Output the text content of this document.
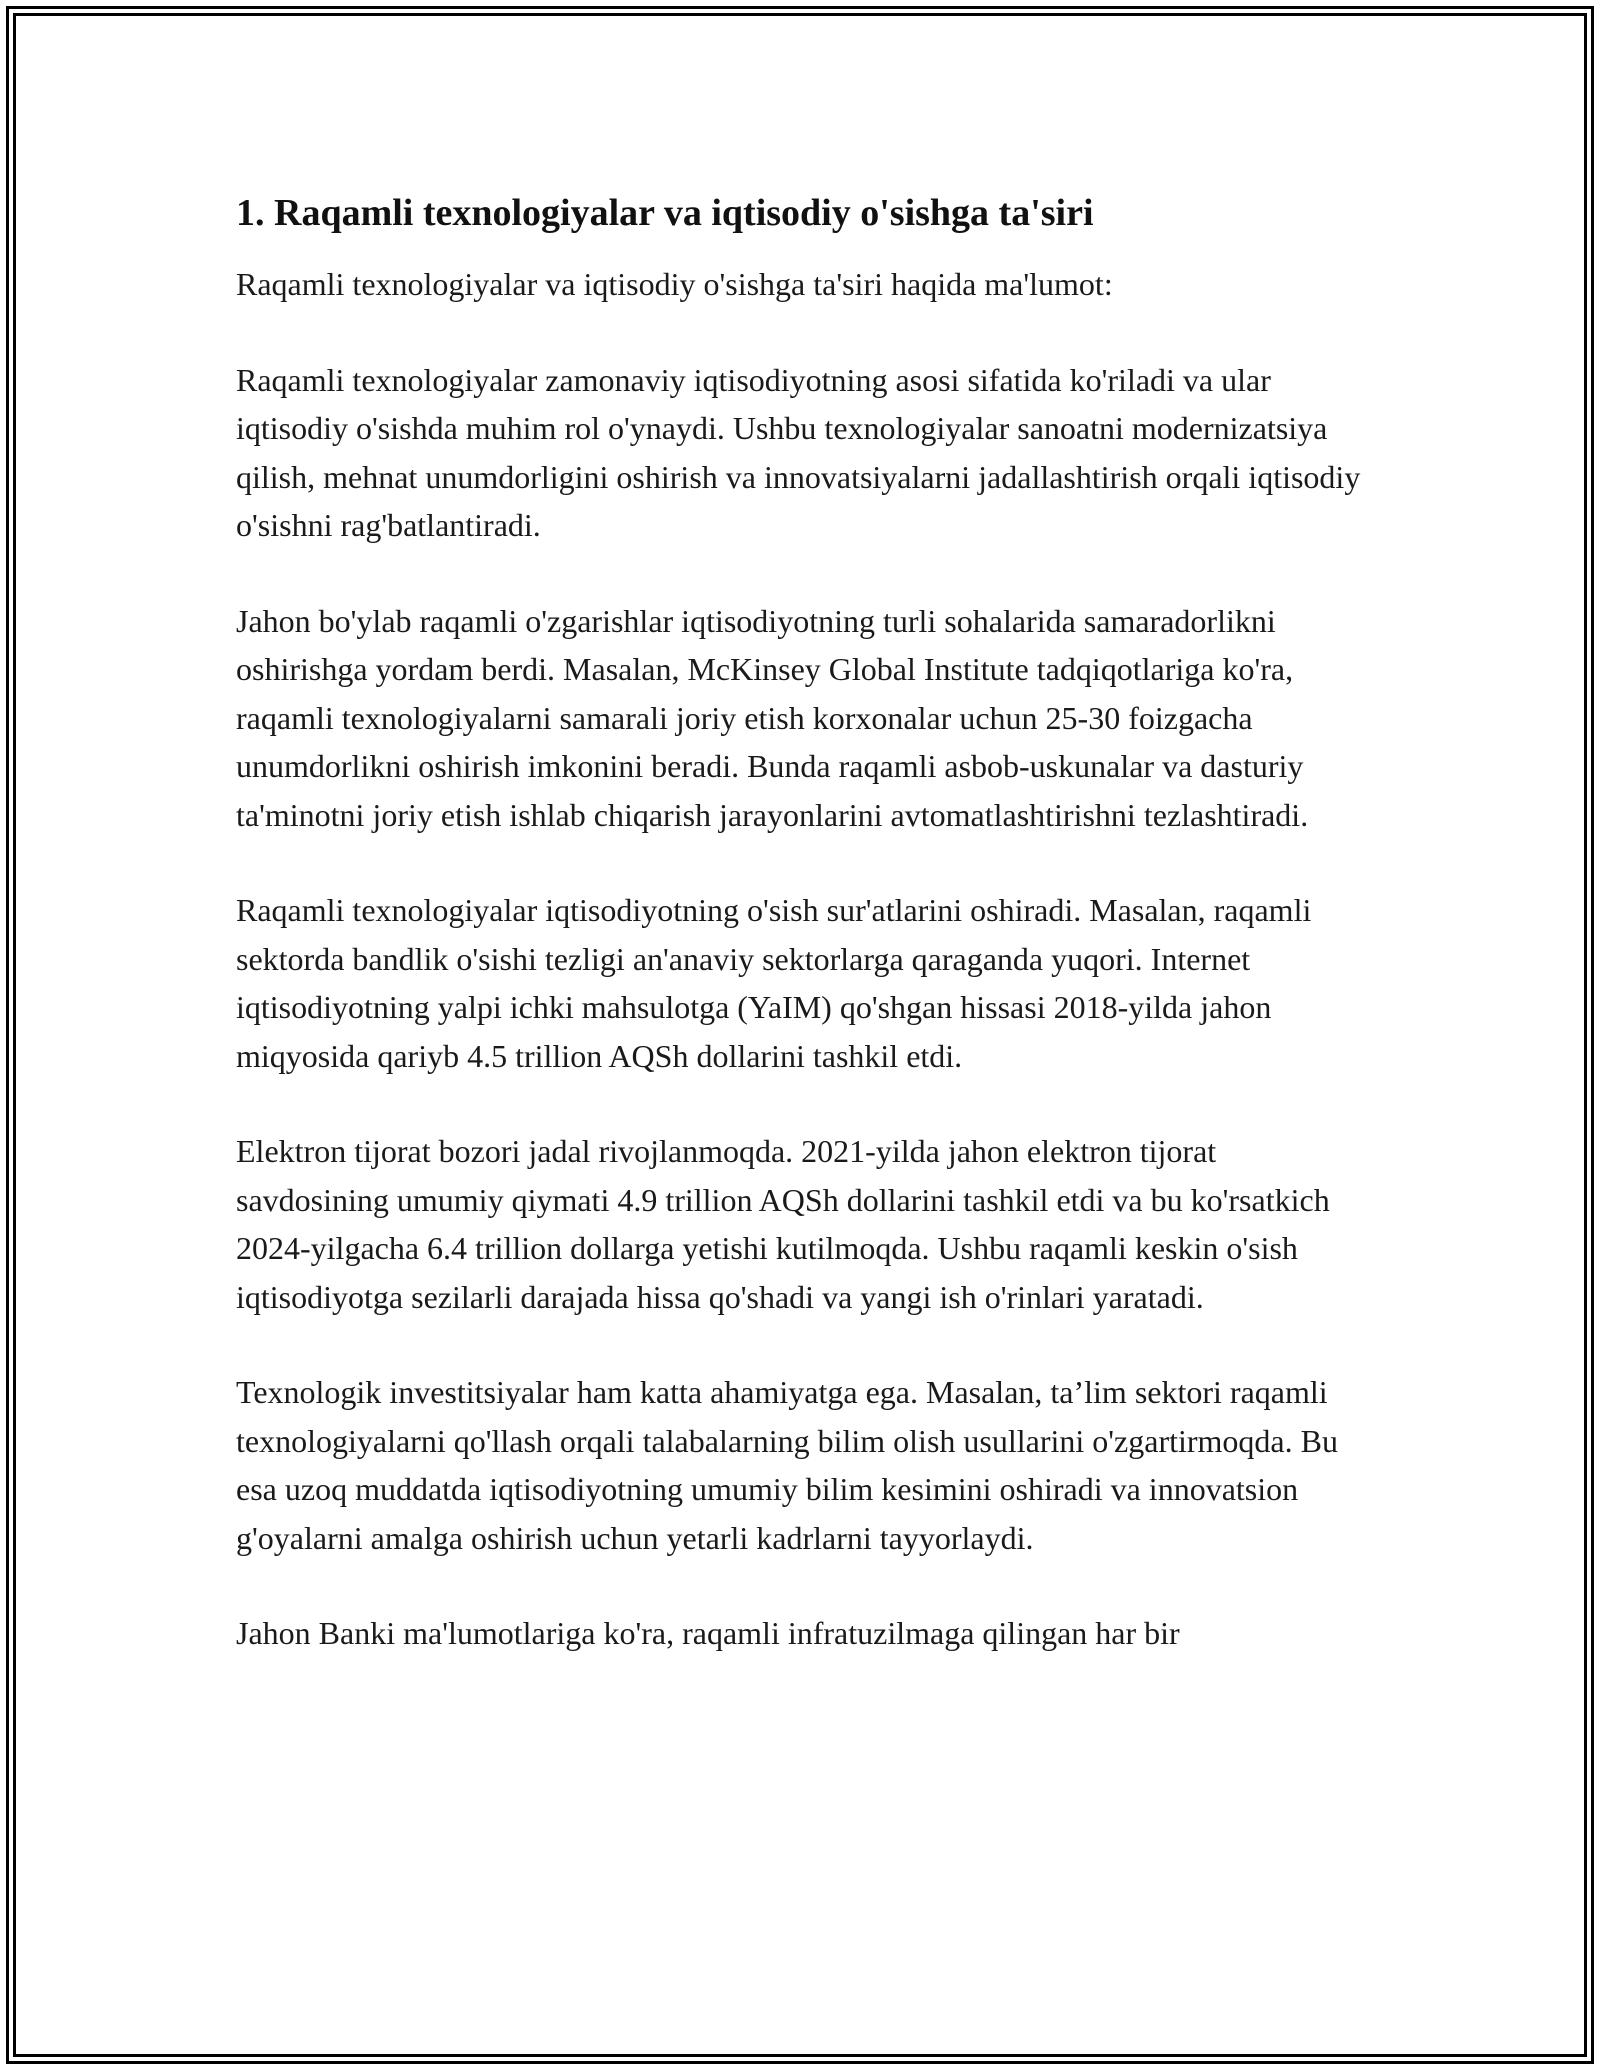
1. Raqamli texnologiyalar va iqtisodiy o'sishga ta'siri

Raqamli texnologiyalar va iqtisodiy o'sishga ta'siri haqida ma'lumot:

Raqamli texnologiyalar zamonaviy iqtisodiyotning asosi sifatida ko'riladi va ular iqtisodiy o'sishda muhim rol o'ynaydi. Ushbu texnologiyalar sanoatni modernizatsiya qilish, mehnat unumdorligini oshirish va innovatsiyalarni jadallashtirish orqali iqtisodiy o'sishni rag'batlantiradi.

Jahon bo'ylab raqamli o'zgarishlar iqtisodiyotning turli sohalarida samaradorlikni oshirishga yordam berdi. Masalan, McKinsey Global Institute tadqiqotlariga ko'ra, raqamli texnologiyalarni samarali joriy etish korxonalar uchun 25-30 foizgacha unumdorlikni oshirish imkonini beradi. Bunda raqamli asbob-uskunalar va dasturiy ta'minotni joriy etish ishlab chiqarish jarayonlarini avtomatlashtirishni tezlashtiradi.

Raqamli texnologiyalar iqtisodiyotning o'sish sur'atlarini oshiradi. Masalan, raqamli sektorda bandlik o'sishi tezligi an'anaviy sektorlarga qaraganda yuqori. Internet iqtisodiyotning yalpi ichki mahsulotga (YaIM) qo'shgan hissasi 2018-yilda jahon miqyosida qariyb 4.5 trillion AQSh dollarini tashkil etdi.

Elektron tijorat bozori jadal rivojlanmoqda. 2021-yilda jahon elektron tijorat savdosining umumiy qiymati 4.9 trillion AQSh dollarini tashkil etdi va bu ko'rsatkich 2024-yilgacha 6.4 trillion dollarga yetishi kutilmoqda. Ushbu raqamli keskin o'sish iqtisodiyotga sezilarli darajada hissa qo'shadi va yangi ish o'rinlari yaratadi.

Texnologik investitsiyalar ham katta ahamiyatga ega. Masalan, ta’lim sektori raqamli texnologiyalarni qo'llash orqali talabalarning bilim olish usullarini o'zgartirmoqda. Bu esa uzoq muddatda iqtisodiyotning umumiy bilim kesimini oshiradi va innovatsion g'oyalarni amalga oshirish uchun yetarli kadrlarni tayyorlaydi.

Jahon Banki ma'lumotlariga ko'ra, raqamli infratuzilmaga qilingan har bir
